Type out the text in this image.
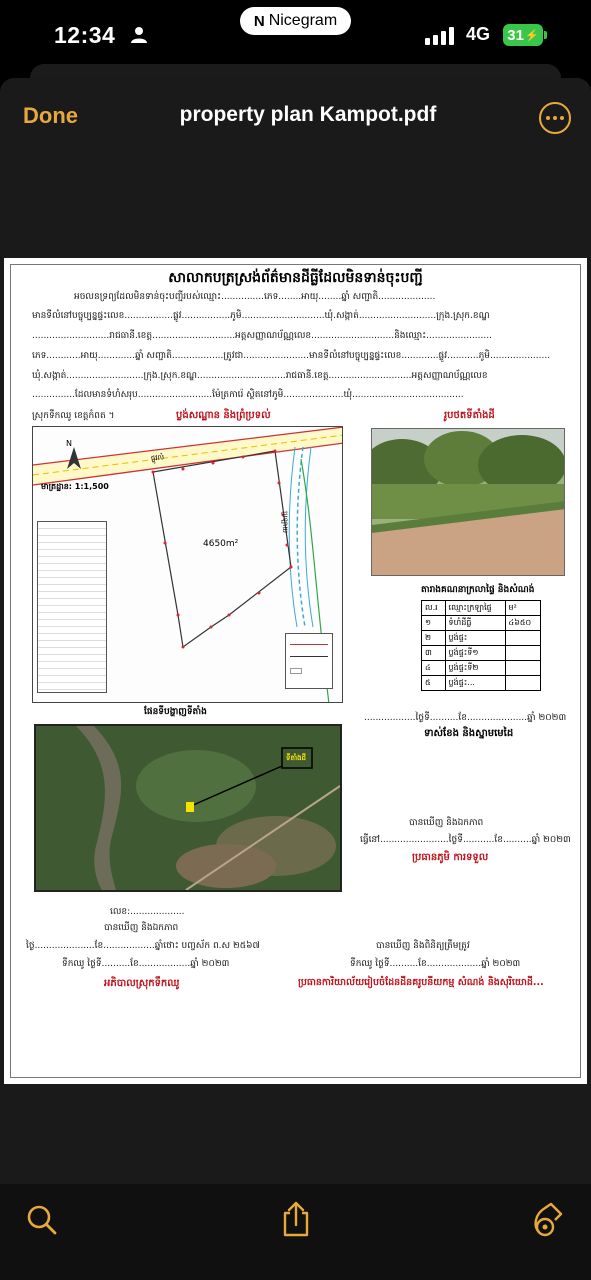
12:34
N Nicegram
4G 31 ⚡
Done	property plan Kampot.pdf
សាលាកបត្រស្រង់ព័ត៌មានដីធ្លីដែលមិនទាន់ចុះបញ្ជី
អចលនទ្រព្យដែលមិនទាន់ចុះបញ្ជីរបស់ឈ្មោះ...............ភេទ........អាយុ........ឆ្នាំ សញ្ជាតិ....................
មានទីលំនៅបច្ចុប្បន្នផ្ទះលេខ.................ផ្លូវ.................ភូមិ.............................ឃុំ.សង្កាត់...........................ក្រុង.ស្រុក.ខណ្ឌ
...........................រាជធានី.ខេត្ត.............................អត្តសញ្ញាណប័ណ្ណលេខ.............................និងឈ្មោះ.......................
ភេទ............អាយុ.............ឆ្នាំ សញ្ជាតិ..................ត្រូវជា.......................មានទីលំនៅបច្ចុប្បន្នផ្ទះលេខ.............ផ្លូវ...........ភូមិ.....................
ឃុំ.សង្កាត់...........................ក្រុង.ស្រុក.ខណ្ឌ...............................រាជធានី.ខេត្ត.............................អត្តសញ្ញាណប័ណ្ណលេខ
...............ដែលមានទំហំសរុប..........................ម៉ែត្រការ៉េ ស្ថិតនៅភូមិ.....................ឃុំ.......................................
ស្រុកទឹកឈូ ខេត្តកំពត ។	ប្លង់សណ្ឋាន និងព្រំប្រទល់	រូបថតទីតាំងដី
N
ផ្លូវលំ
ប្រឡាយ
មាត្រដ្ឋាន: 1:1,500
4650m²
តារាងគណនាក្រលាផ្ទៃ និងសំណង់
ល.រ	ឈ្មោះក្រឡាផ្ទៃ	ម²
១	ទំហំដីធ្លី	៤៦៥០
២	ប្លង់ផ្ទះ	
៣	ប្លង់ផ្ទះទី១	
៤	ប្លង់ផ្ទះទី២	
៥	ប្លង់ផ្ទះ...	
..................ថ្ងៃទី..........ខែ.....................ឆ្នាំ ២០២៣
ទាស់ខែង និងស្នាមមេដៃ
ផែនទីបង្ហាញទីតាំង
ទីតាំងដី
បានឃើញ និងឯកភាព
ធ្វើនៅ........................ថ្ងៃទី...........ខែ..........ឆ្នាំ ២០២៣
ប្រធានភូមិ ការទទួល
លេខ:...................
បានឃើញ និងឯកភាព
ថ្ងៃ.....................ខែ..................ឆ្នាំថោះ បញ្ចស័ក ព.ស ២៥៦៧
ទឹកឈូ ថ្ងៃទី..........ខែ..................ឆ្នាំ ២០២៣
អភិបាលស្រុកទឹកឈូ
បានឃើញ និងពិនិត្យត្រឹមត្រូវ
ទឹកឈូ ថ្ងៃទី..........ខែ...................ឆ្នាំ ២០២៣
ប្រធានការិយាល័យរៀបចំដែនដីនគរូបនីយកម្ម សំណង់ និងសុរិយោដី...
